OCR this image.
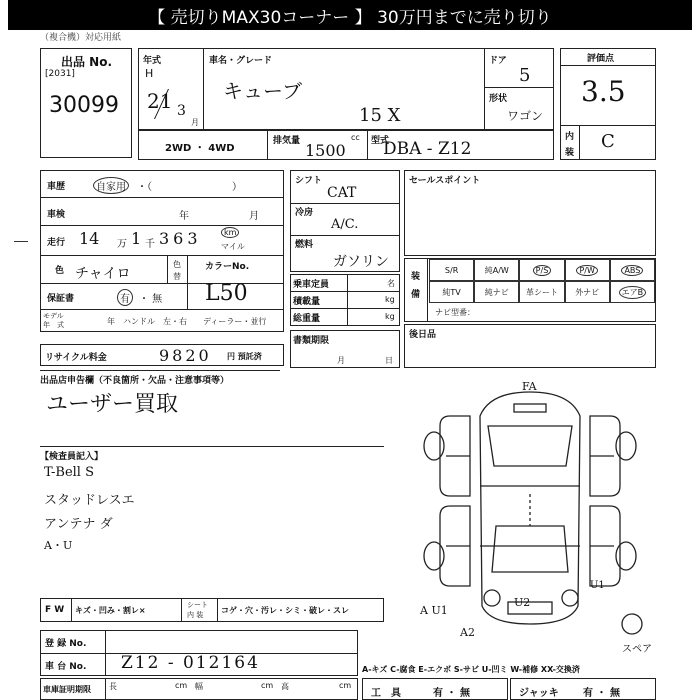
【 売切りMAX30コーナー 】 30万円までに売り切り
（複合機）対応用紙
出品 No.
[2031]
30099
年式
H
21 3
月
車名・グレード
キューブ
15 X
ドア
5
形状
ワゴン
2WD ・ 4WD
排気量	cc
1500	型式
DBA - Z12
評価点
3.5
内
装
C
車歴	自家用	・（　　　　　　　　）
車検	年	月
走行 14 万 1 千 363	km
マイル
色 チャイロ
色
替
カラーNo.
L50
保証書	有 ・ 無
モデル
年　式	年 ハンドル　左・右 ディーラー・並行
シフト
CAT
冷房
A/C.
燃料
ガソリン
乗車定員	名
積載量	kg
総重量	kg
書類期限
月	日
セールスポイント
装
備
S/R	純A/W	P/S	P/W	ABS
純TV	純ナビ 革シート 外ナビ	エアB
ナビ型番：
後日品
リサイクル料金	9820 円 預託済
出品店申告欄（不良箇所・欠品・注意事項等）
ユーザー買取
【検査員記入】
T-Bell S
スタッドレスエ
アンテナ ダ
A・U
FA
U1
U2
A2
A U1
スペア
F W キズ・凹み・割レ×
シート
内 装 コゲ・穴・汚レ・シミ・破レ・スレ
登 録 No.
車 台 No. Z12 - 012164
車庫証明期限 長	cm 幅	cm 高	cm
A-キズ C-腐食 E-エクボ S-サビ U-凹ミ W-補修 XX-交換済
工　具	有 ・ 無	ジャッキ 有 ・ 無
